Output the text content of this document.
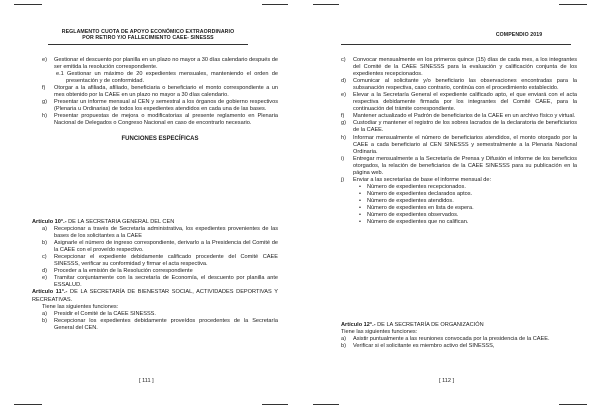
REGLAMENTO CUOTA DE APOYO ECONÓMICO EXTRAORDINARIO
POR RETIRO Y/O FALLECIMIENTO CAEE- SINESSS
e) Gestionar el descuento por planilla en un plazo no mayor a 30 días calendario después de ser emitida la resolución correspondiente.
e.1 Gestionar un máximo de 20 expedientes mensuales, manteniendo el orden de presentación y de conformidad.
f) Otorgar a la afiliada, afiliado, beneficiaria o beneficiario el monto correspondiente a un mes obtenido por la CAEE en un plazo no mayor a 30 días calendario.
g) Presentar un informe mensual al CEN y semestral a los órganos de gobierno respectivos (Plenaria u Ordinarias) de todos los expedientes atendidos en cada una de las bases.
h) Presentar propuestas de mejora o modificatorias al presente reglamento en Plenaria Nacional de Delegados o Congreso Nacional en caso de encontrarlo necesario.
FUNCIONES ESPECÍFICAS
Artículo 10°.- DE LA SECRETARIA GENERAL DEL CEN
a) Recepcionar a través de Secretaría administrativa, los expedientes provenientes de las bases de los solicitantes a la CAEE
b) Asignarle el número de ingreso correspondiente, derivarlo a la Presidencia del Comité de la CAEE con el proveído respectivo.
c) Recepcionar el expediente debidamente calificado procedente del Comité CAEE SINESSS, verificar su conformidad y firmar el acta respectiva.
d) Proceder a la emisión de la Resolución correspondiente
e) Tramitar conjuntamente con la secretaría de Economía, el descuento por planilla ante ESSALUD.
Artículo 11°.- DE LA SECRETARÍA DE BIENESTAR SOCIAL, ACTIVIDADES DEPORTIVAS Y RECREATIVAS.
Tiene las siguientes funciones:
a) Presidir el Comité de la CAEE SINESSS.
b) Recepcionar los expedientes debidamente proveídos procedentes de la Secretaría General del CEN.
[ 111 ]
COMPENDIO 2019
c) Convocar mensualmente en los primeros quince (15) días de cada mes, a los integrantes del Comité de la CAEE SINESSS para la evaluación y calificación conjunta de los expedientes recepcionados.
d) Comunicar al solicitante y/o beneficiario las observaciones encontradas para la subsanación respectiva, caso contrario, continúa con el procedimiento establecido.
e) Elevar a la Secretaría General el expediente calificado apto, el que enviará con el acta respectiva debidamente firmada por los integrantes del Comité CAEE, para la continuación del trámite correspondiente.
f) Mantener actualizado el Padrón de beneficiarios de la CAEE en un archivo físico y virtual.
g) Custodiar y mantener el registro de los sobres lacrados de la declaratoria de beneficiarios de la CAEE.
h) Informar mensualmente el número de beneficiarios atendidos, el monto otorgado por la CAEE a cada beneficiario al CEN SINESSS y semestralmente a la Plenaria Nacional Ordinaria.
i) Entregar mensualmente a la Secretaría de Prensa y Difusión el informe de los beneficios otorgados, la relación de beneficiarios de la CAEE SINESSS para su publicación en la página web.
j) Enviar a las secretarías de base el informe mensual de:
• Número de expedientes recepcionados.
• Número de expedientes declarados aptos.
• Número de expedientes atendidos.
• Número de expedientes en lista de espera.
• Número de expedientes observados.
• Número de expedientes que no califican.
Artículo 12°.- DE LA SECRETARÍA DE ORGANIZACIÓN
Tiene las siguientes funciones:
a) Asistir puntualmente a las reuniones convocada por la presidencia de la CAEE.
b) Verificar si el solicitante es miembro activo del SINESSS,
[ 112 ]
